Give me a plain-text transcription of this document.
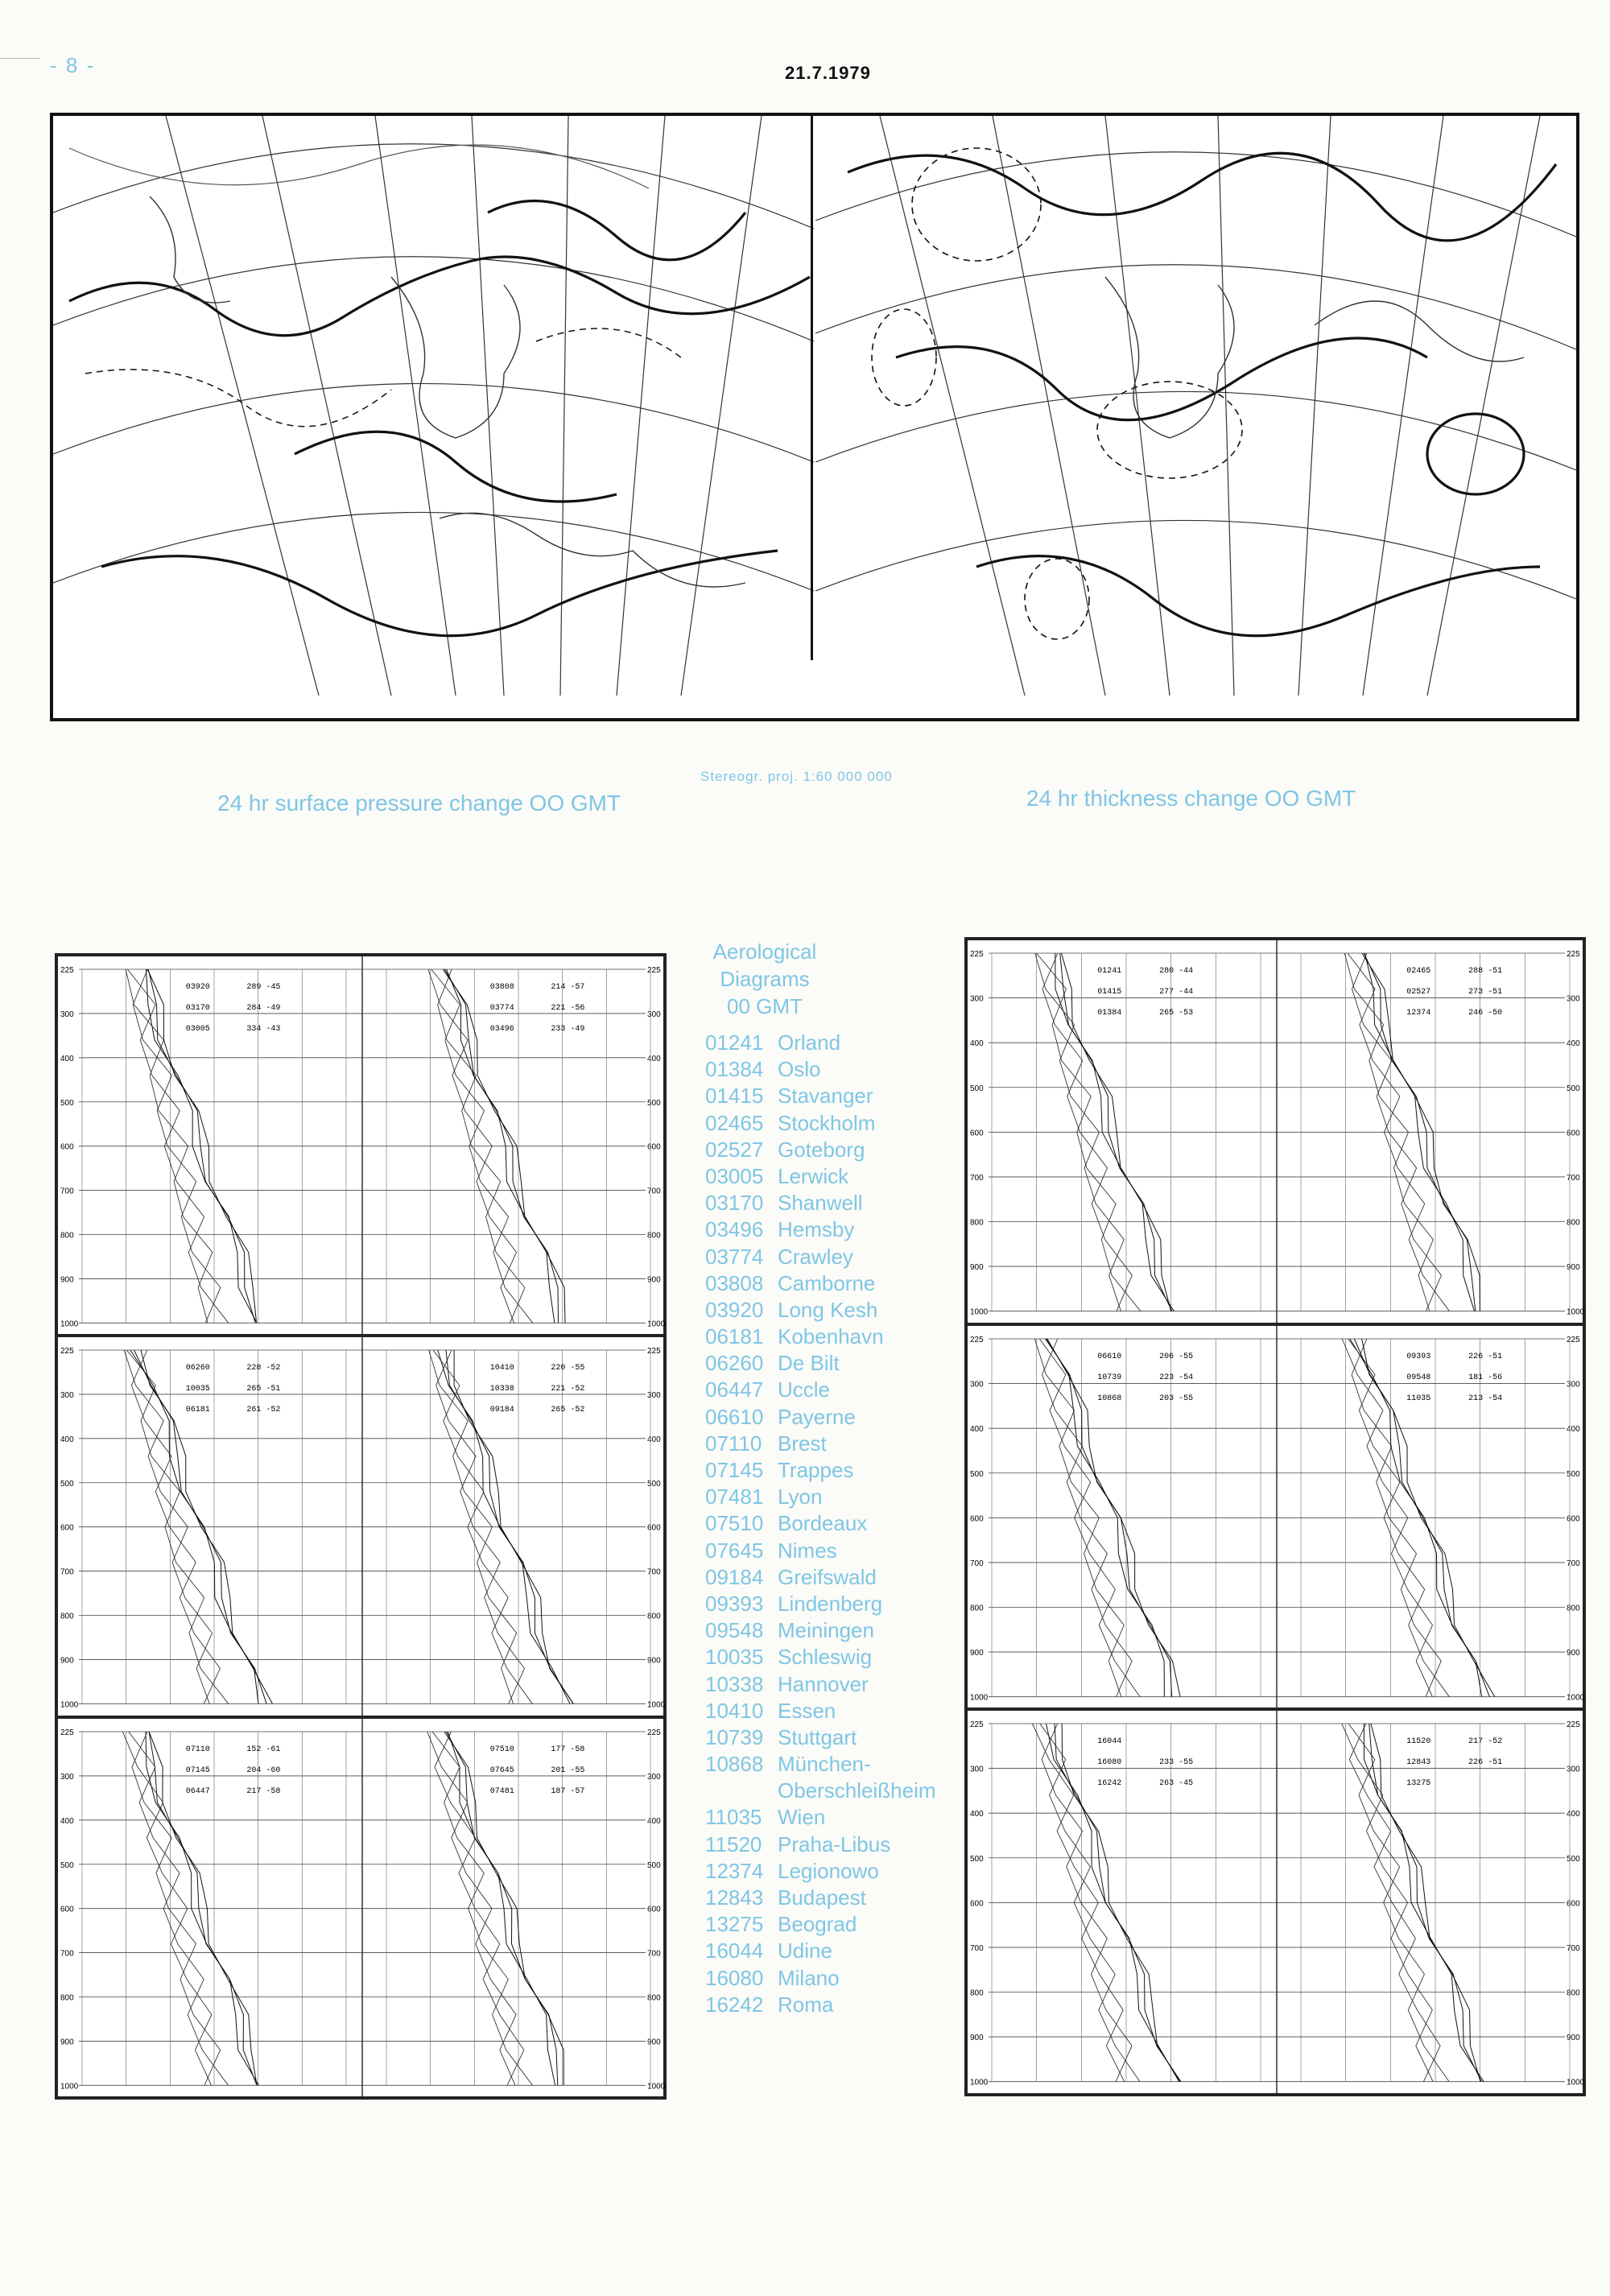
- 8 -	21.7.1979
24 hr surface pressure change OO GMT
Stereogr. proj. 1:60 000 000
24 hr thickness change OO GMT
225	225
300	300
400	400
500	500
600	600
700	700
800	800
900	900
1000	1000
03920	289 -45
03170	284 -49
03005	334 -43
03808	214 -57
03774	221 -56
03496	233 -49
225	225
300	300
400	400
500	500
600	600
700	700
800	800
900	900
1000	1000
06260	228 -52
10035	265 -51
06181	261 -52
10410	220 -55
10338	221 -52
09184	265 -52
225	225
300	300
400	400
500	500
600	600
700	700
800	800
900	900
1000	1000
07110	152 -61
07145	204 -60
06447	217 -58
07510	177 -58
07645	201 -55
07481	187 -57
225	225
300	300
400	400
500	500
600	600
700	700
800	800
900	900
1000	1000
01241	280 -44
01415	277 -44
01384	265 -53
02465	288 -51
02527	273 -51
12374	246 -50
225	225
300	300
400	400
500	500
600	600
700	700
800	800
900	900
1000	1000
06610	206 -55
10739	223 -54
10868	203 -55
09393	226 -51
09548	181 -56
11035	213 -54
225	225
300	300
400	400
500	500
600	600
700	700
800	800
900	900
1000	1000
16044
16080	233 -55
16242	263 -45
11520	217 -52
12843	226 -51
13275
Aerological
Diagrams
00 GMT
01241 Orland
01384 Oslo
01415 Stavanger
02465 Stockholm
02527 Goteborg
03005 Lerwick
03170 Shanwell
03496 Hemsby
03774 Crawley
03808 Camborne
03920 Long Kesh
06181 Kobenhavn
06260 De Bilt
06447 Uccle
06610 Payerne
07110 Brest
07145 Trappes
07481 Lyon
07510 Bordeaux
07645 Nimes
09184 Greifswald
09393 Lindenberg
09548 Meiningen
10035 Schleswig
10338 Hannover
10410 Essen
10739 Stuttgart
10868 München-
Oberschleißheim
11035 Wien
11520 Praha-Libus
12374 Legionowo
12843 Budapest
13275 Beograd
16044 Udine
16080 Milano
16242 Roma
